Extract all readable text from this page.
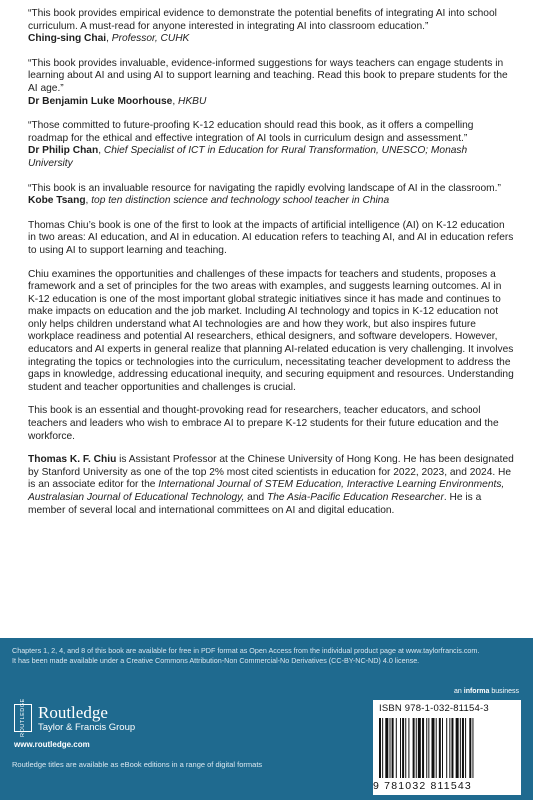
“This book provides empirical evidence to demonstrate the potential benefits of integrating AI into school curriculum. A must-read for anyone interested in integrating AI into classroom education.”

Ching-sing Chai, Professor, CUHK

“This book provides invaluable, evidence-informed suggestions for ways teachers can engage students in learning about AI and using AI to support learning and teaching. Read this book to prepare students for the AI age.”

Dr Benjamin Luke Moorhouse, HKBU

“Those committed to future-proofing K-12 education should read this book, as it offers a compelling roadmap for the ethical and effective integration of AI tools in curriculum design and assessment.”

Dr Philip Chan, Chief Specialist of ICT in Education for Rural Transformation, UNESCO; Monash University

“This book is an invaluable resource for navigating the rapidly evolving landscape of AI in the classroom.”

Kobe Tsang, top ten distinction science and technology school teacher in China

Thomas Chiu’s book is one of the first to look at the impacts of artificial intelligence (AI) on K-12 education in two areas: AI education, and AI in education. AI education refers to teaching AI, and AI in education refers to using AI to support learning and teaching.

Chiu examines the opportunities and challenges of these impacts for teachers and students, proposes a framework and a set of principles for the two areas with examples, and suggests learning outcomes. AI in K-12 education is one of the most important global strategic initiatives since it has made and continues to make impacts on education and the job market. Including AI technology and topics in K-12 education not only helps children understand what AI technologies are and how they work, but also inspires future workplace readiness and potential AI researchers, ethical designers, and software developers. However, educators and AI experts in general realize that planning AI-related education is very challenging. It involves integrating the topics or technologies into the curriculum, necessitating teacher development to address the gaps in knowledge, addressing educational inequity, and securing equipment and resources. Understanding student and teacher opportunities and challenges is crucial.

This book is an essential and thought-provoking read for researchers, teacher educators, and school teachers and leaders who wish to embrace AI to prepare K-12 students for their future education and the workforce.

Thomas K. F. Chiu is Assistant Professor at the Chinese University of Hong Kong. He has been designated by Stanford University as one of the top 2% most cited scientists in education for 2022, 2023, and 2024. He is an associate editor for the International Journal of STEM Education, Interactive Learning Environments, Australasian Journal of Educational Technology, and The Asia-Pacific Education Researcher. He is a member of several local and international committees on AI and digital education.

Chapters 1, 2, 4, and 8 of this book are available for free in PDF format as Open Access from the individual product page at www.taylorfrancis.com. It has been made available under a Creative Commons Attribution-Non Commercial-No Derivatives (CC-BY-NC-ND) 4.0 license.
an informa business
ROUTLEDGE Routledge
Taylor & Francis Group
www.routledge.com
Routledge titles are available as eBook editions in a range of digital formats
ISBN 978-1-032-81154-3
9 781032 811543
